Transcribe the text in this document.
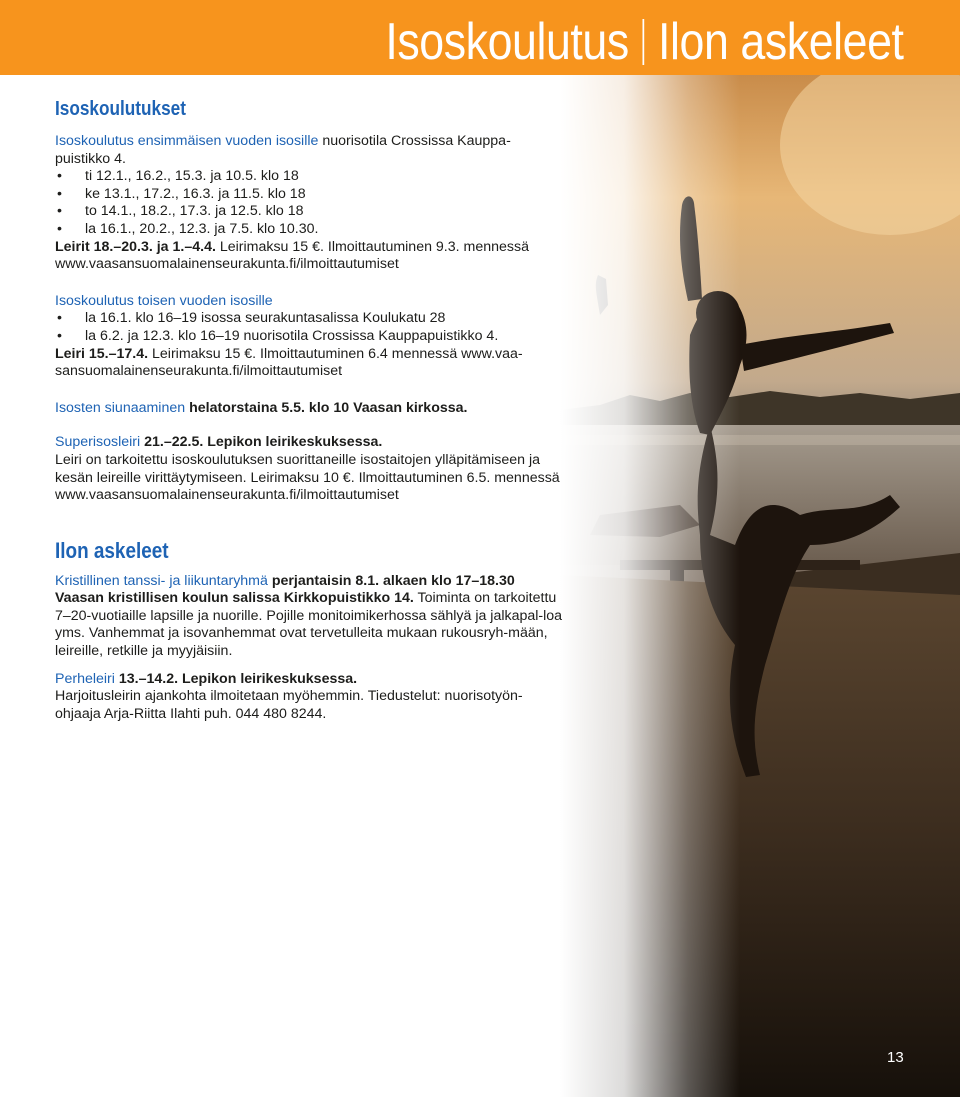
Isoskoulutus Ilon askeleet
Isoskoulutukset

Isoskoulutus ensimmäisen vuoden isosille nuorisotila Crossissa Kauppa-puistikko 4.

• ti 12.1., 16.2., 15.3. ja 10.5. klo 18
• ke 13.1., 17.2., 16.3. ja 11.5. klo 18
• to 14.1., 18.2., 17.3. ja 12.5. klo 18
• la 16.1., 20.2., 12.3. ja 7.5. klo 10.30.

Leirit 18.–20.3. ja 1.–4.4. Leirimaksu 15 €. Ilmoittautuminen 9.3. mennessä www.vaasansuomalainenseurakunta.fi/ilmoittautumiset

Isoskoulutus toisen vuoden isosille

• la 16.1. klo 16–19 isossa seurakuntasalissa Koulukatu 28
• la 6.2. ja 12.3. klo 16–19 nuorisotila Crossissa Kauppapuistikko 4.

Leiri 15.–17.4. Leirimaksu 15 €. Ilmoittautuminen 6.4 mennessä www.vaa-sansuomalainenseurakunta.fi/ilmoittautumiset

Isosten siunaaminen helatorstaina 5.5. klo 10 Vaasan kirkossa.

Superisosleiri 21.–22.5. Lepikon leirikeskuksessa.

Leiri on tarkoitettu isoskoulutuksen suorittaneille isostaitojen ylläpitämiseen ja kesän leireille virittäytymiseen. Leirimaksu 10 €. Ilmoittautuminen 6.5. mennessä www.vaasansuomalainenseurakunta.fi/ilmoittautumiset

Ilon askeleet

Kristillinen tanssi- ja liikuntaryhmä perjantaisin 8.1. alkaen klo 17–18.30 Vaasan kristillisen koulun salissa Kirkkopuistikko 14. Toiminta on tarkoitettu 7–20-vuotiaille lapsille ja nuorille. Pojille monitoimikerhossa sählyä ja jalkapal-loa yms. Vanhemmat ja isovanhemmat ovat tervetulleita mukaan rukousryh-mään, leireille, retkille ja myyjäisiin.

Perheleiri 13.–14.2. Lepikon leirikeskuksessa.

Harjoitusleirin ajankohta ilmoitetaan myöhemmin. Tiedustelut: nuorisotyön-ohjaaja Arja-Riitta Ilahti puh. 044 480 8244.

13
